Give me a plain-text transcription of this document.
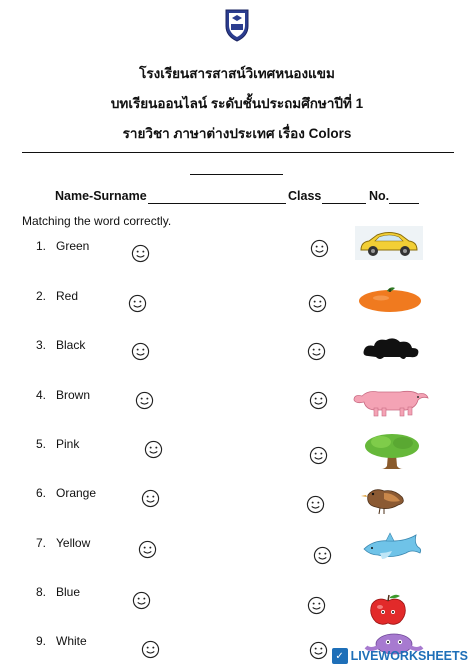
โรงเรียนสารสาสน์วิเทศหนองแขม
บทเรียนออนไลน์ ระดับชั้นประถมศึกษาปีที่ 1
รายวิชา ภาษาต่างประเทศ เรื่อง Colors
Name-Surname	Class	No.
Matching the word correctly.
1. Green
2. Red
3. Black
4. Brown
5. Pink
6. Orange
7. Yellow
8. Blue
9. White
✓ LIVEWORKSHEETS
